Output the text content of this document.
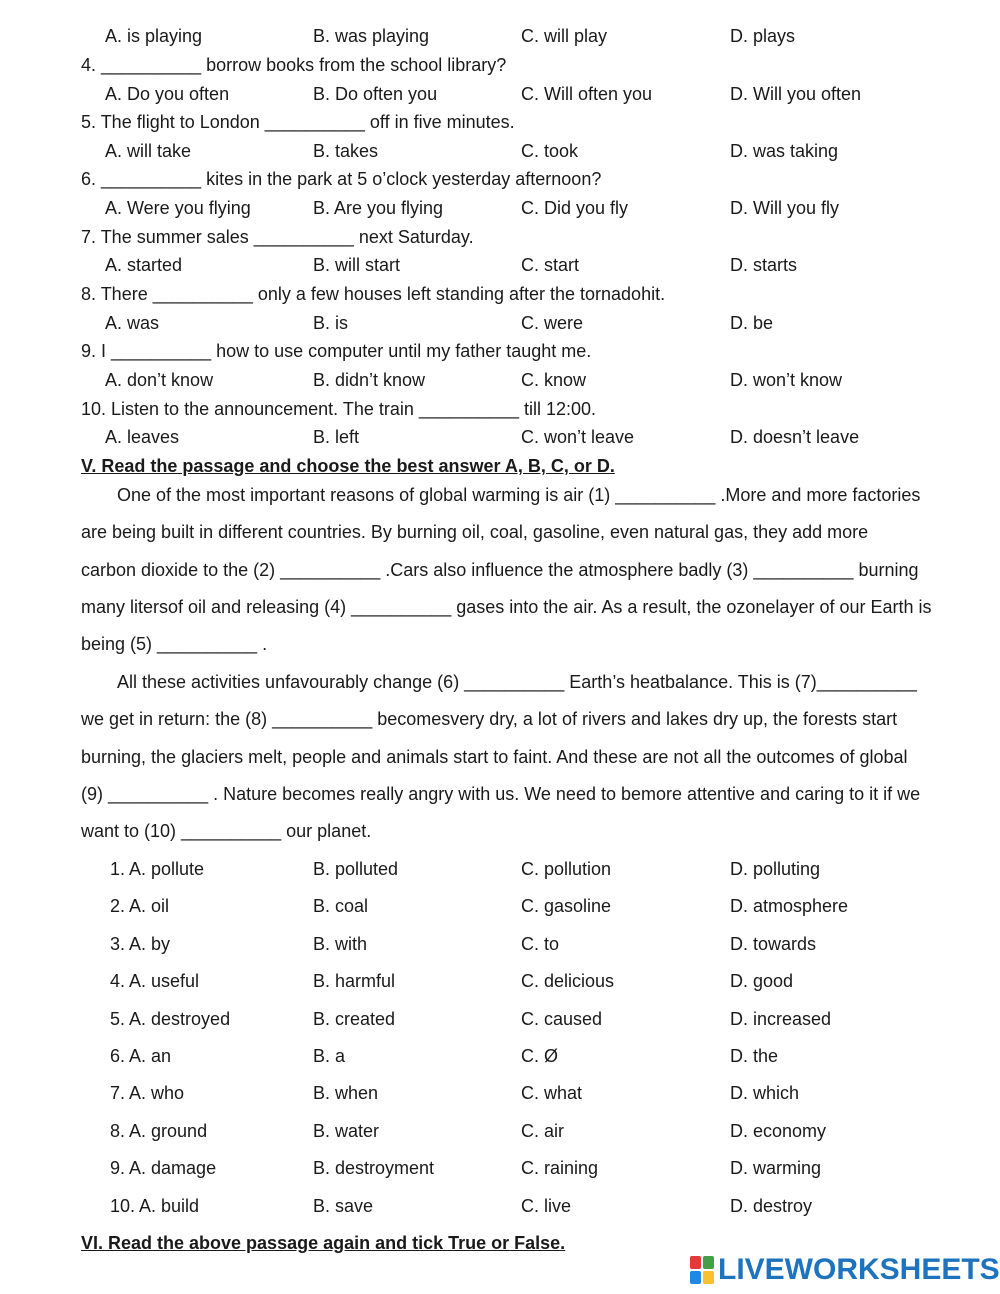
A. is playing	B. was playing	C. will play	D. plays
4. __________ borrow books from the school library?
A. Do you often	B. Do often you	C. Will often you	D. Will you often
5. The flight to London __________ off in five minutes.
A. will take	B. takes	C. took	D. was taking
6. __________ kites in the park at 5 o’clock yesterday afternoon?
A. Were you flying	B. Are you flying	C. Did you fly	D. Will you fly
7. The summer sales __________ next Saturday.
A. started	B. will start	C. start	D. starts
8. There __________ only a few houses left standing after the tornadohit.
A. was	B. is	C. were	D. be
9. I __________ how to use computer until my father taught me.
A. don’t know	B. didn’t know	C. know	D. won’t know
10. Listen to the announcement. The train __________ till 12:00.
A. leaves	B. left	C. won’t leave	D. doesn’t leave
V. Read the passage and choose the best answer A, B, C, or D.
One of the most important reasons of global warming is air (1) __________ .More and more factories
are being built in different countries. By burning oil, coal, gasoline, even natural gas, they add more
carbon dioxide to the (2) __________ .Cars also influence the atmosphere badly (3) __________ burning
many litersof oil and releasing (4) __________ gases into the air. As a result, the ozonelayer of our Earth is
being (5) __________ .
All these activities unfavourably change (6) __________ Earth’s heatbalance. This is (7)__________
we get in return: the (8) __________ becomesvery dry, a lot of rivers and lakes dry up, the forests start
burning, the glaciers melt, people and animals start to faint. And these are not all the outcomes of global
(9) __________ . Nature becomes really angry with us. We need to bemore attentive and caring to it if we
want to (10) __________ our planet.
1. A. pollute	B. polluted	C. pollution	D. polluting
2. A. oil	B. coal	C. gasoline	D. atmosphere
3. A. by	B. with	C. to	D. towards
4. A. useful	B. harmful	C. delicious	D. good
5. A. destroyed	B. created	C. caused	D. increased
6. A. an	B. a	C. Ø	D. the
7. A. who	B. when	C. what	D. which
8. A. ground	B. water	C. air	D. economy
9. A. damage	B. destroyment	C. raining	D. warming
10. A. build	B. save	C. live	D. destroy
VI. Read the above passage again and tick True or False.
LIVEWORKSHEETS
